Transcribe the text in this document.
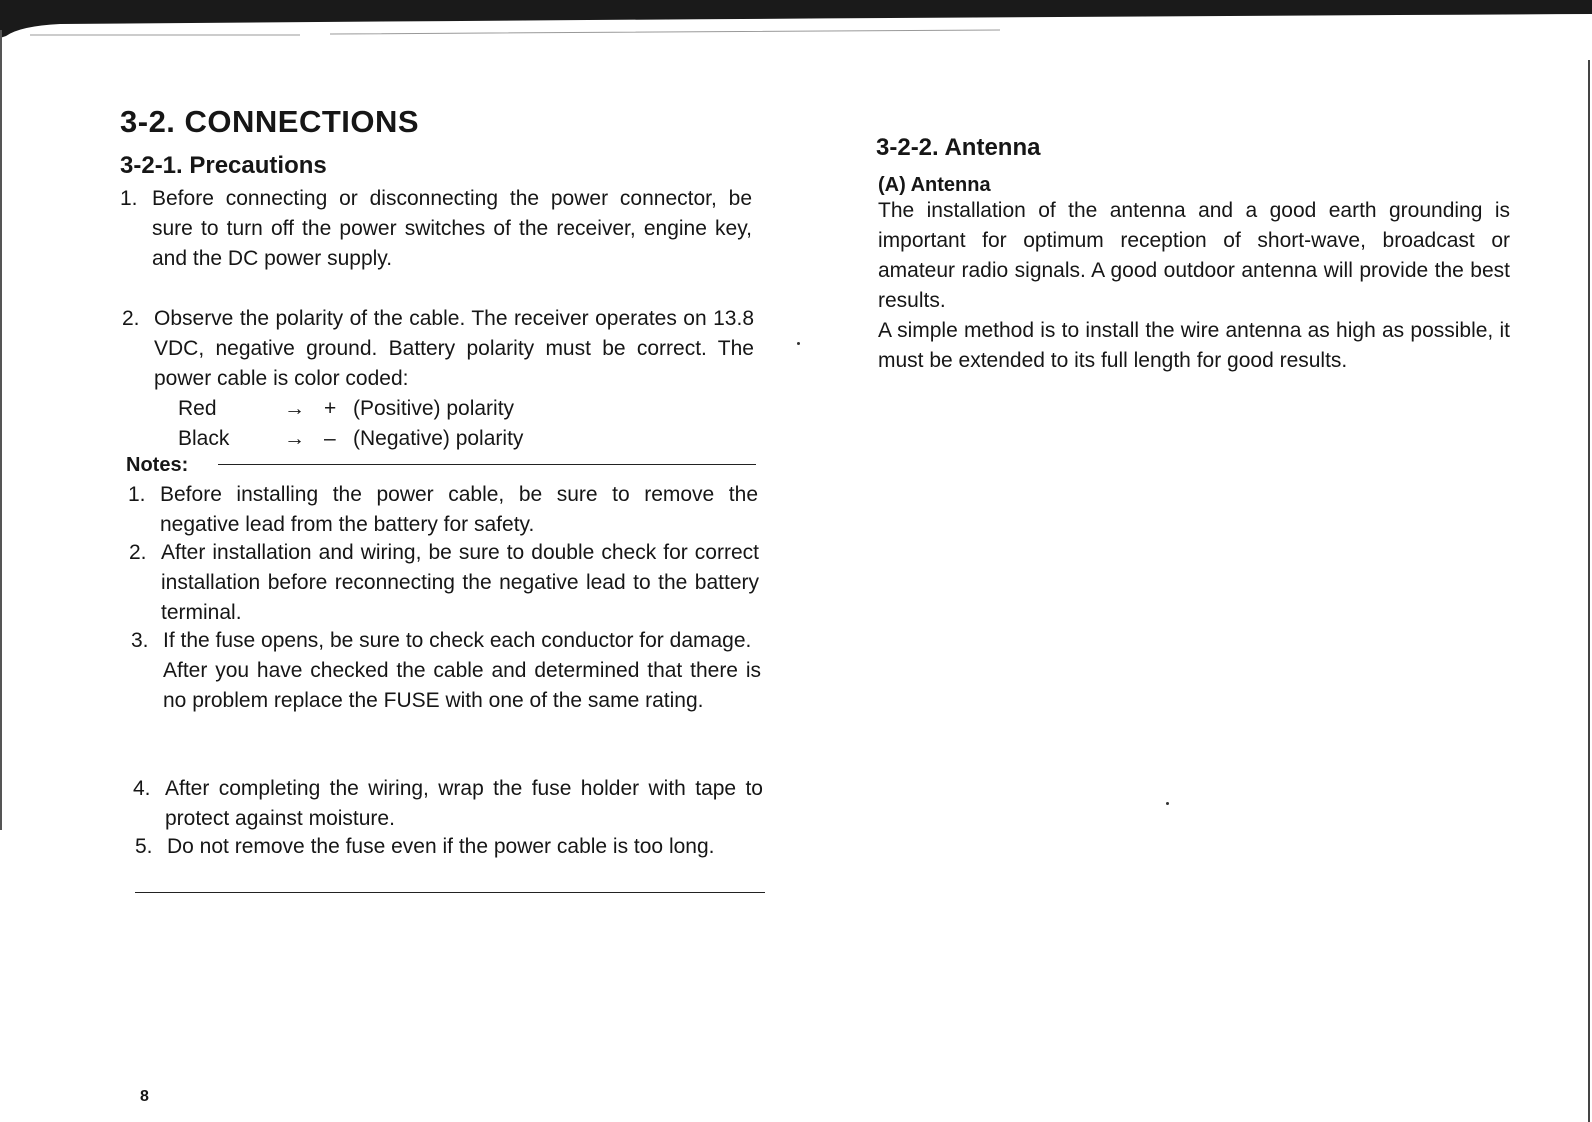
3-2. CONNECTIONS
3-2-1. Precautions
1. Before connecting or disconnecting the power connector, be sure to turn off the power switches of the receiver, engine key, and the DC power supply.
2. Observe the polarity of the cable. The receiver operates on 13.8 VDC, negative ground. Battery polarity must be correct. The power cable is color coded:
Red	→ + (Positive) polarity
Black	→ – (Negative) polarity
Notes:
1. Before installing the power cable, be sure to remove the negative lead from the battery for safety.
2. After installation and wiring, be sure to double check for correct installation before reconnecting the negative lead to the battery terminal.
3. If the fuse opens, be sure to check each conductor for damage.
After you have checked the cable and determined that there is no problem replace the FUSE with one of the same rating.
4. After completing the wiring, wrap the fuse holder with tape to protect against moisture.
5. Do not remove the fuse even if the power cable is too long.
3-2-2. Antenna
(A) Antenna

The installation of the antenna and a good earth grounding is important for optimum reception of short-wave, broadcast or amateur radio signals. A good outdoor antenna will provide the best results.

A simple method is to install the wire antenna as high as possible, it must be extended to its full length for good results.

8
